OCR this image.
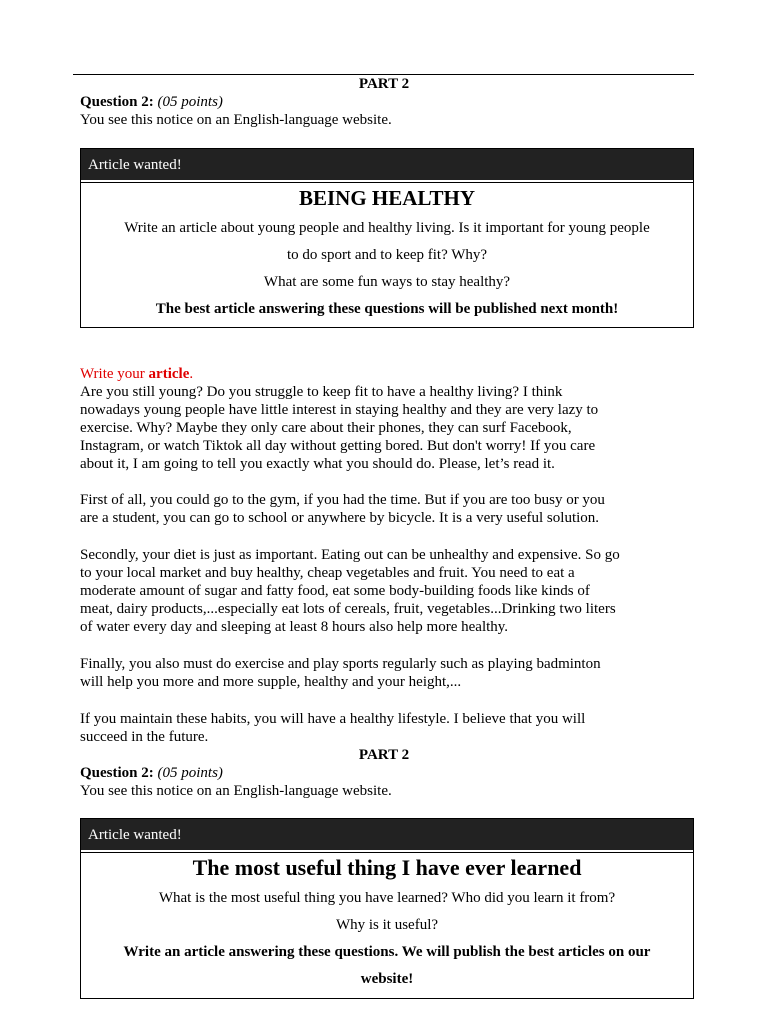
PART 2
Question 2: (05 points)
You see this notice on an English-language website.
Article wanted!
BEING HEALTHY
Write an article about young people and healthy living. Is it important for young people
to do sport and to keep fit? Why?
What are some fun ways to stay healthy?
The best article answering these questions will be published next month!
Write your article.

Are you still young? Do you struggle to keep fit to have a healthy living? I think

nowadays young people have little interest in staying healthy and they are very lazy to

exercise. Why? Maybe they only care about their phones, they can surf Facebook,

Instagram, or watch Tiktok all day without getting bored. But don't worry! If you care

about it, I am going to tell you exactly what you should do. Please, let’s read it.

First of all, you could go to the gym, if you had the time. But if you are too busy or you

are a student, you can go to school or anywhere by bicycle. It is a very useful solution.

Secondly, your diet is just as important. Eating out can be unhealthy and expensive. So go

to your local market and buy healthy, cheap vegetables and fruit. You need to eat a

moderate amount of sugar and fatty food, eat some body-building foods like kinds of

meat, dairy products,...especially eat lots of cereals, fruit, vegetables...Drinking two liters

of water every day and sleeping at least 8 hours also help more healthy.

Finally, you also must do exercise and play sports regularly such as playing badminton

will help you more and more supple, healthy and your height,...

If you maintain these habits, you will have a healthy lifestyle. I believe that you will

succeed in the future.

PART 2
Question 2: (05 points)
You see this notice on an English-language website.
Article wanted!
The most useful thing I have ever learned
What is the most useful thing you have learned? Who did you learn it from?
Why is it useful?
Write an article answering these questions. We will publish the best articles on our
website!
